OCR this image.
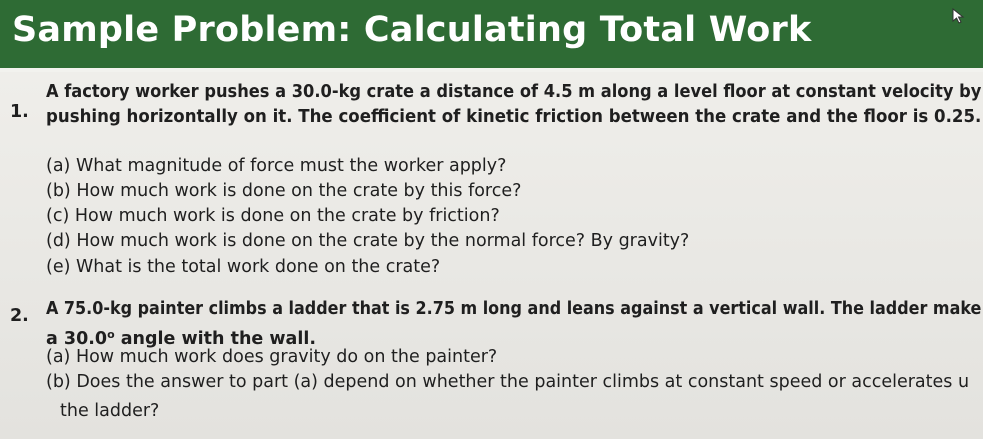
Sample Problem: Calculating Total Work
1.
A factory worker pushes a 30.0-kg crate a distance of 4.5 m along a level floor at constant velocity by
pushing horizontally on it. The coefficient of kinetic friction between the crate and the floor is 0.25.
(a) What magnitude of force must the worker apply?
(b) How much work is done on the crate by this force?
(c) How much work is done on the crate by friction?
(d) How much work is done on the crate by the normal force? By gravity?
(e) What is the total work done on the crate?
2. A 75.0-kg painter climbs a ladder that is 2.75 m long and leans against a vertical wall. The ladder make
a 30.0$^o$ angle with the wall.
(a) How much work does gravity do on the painter?
(b) Does the answer to part (a) depend on whether the painter climbs at constant speed or accelerates u
the ladder?
